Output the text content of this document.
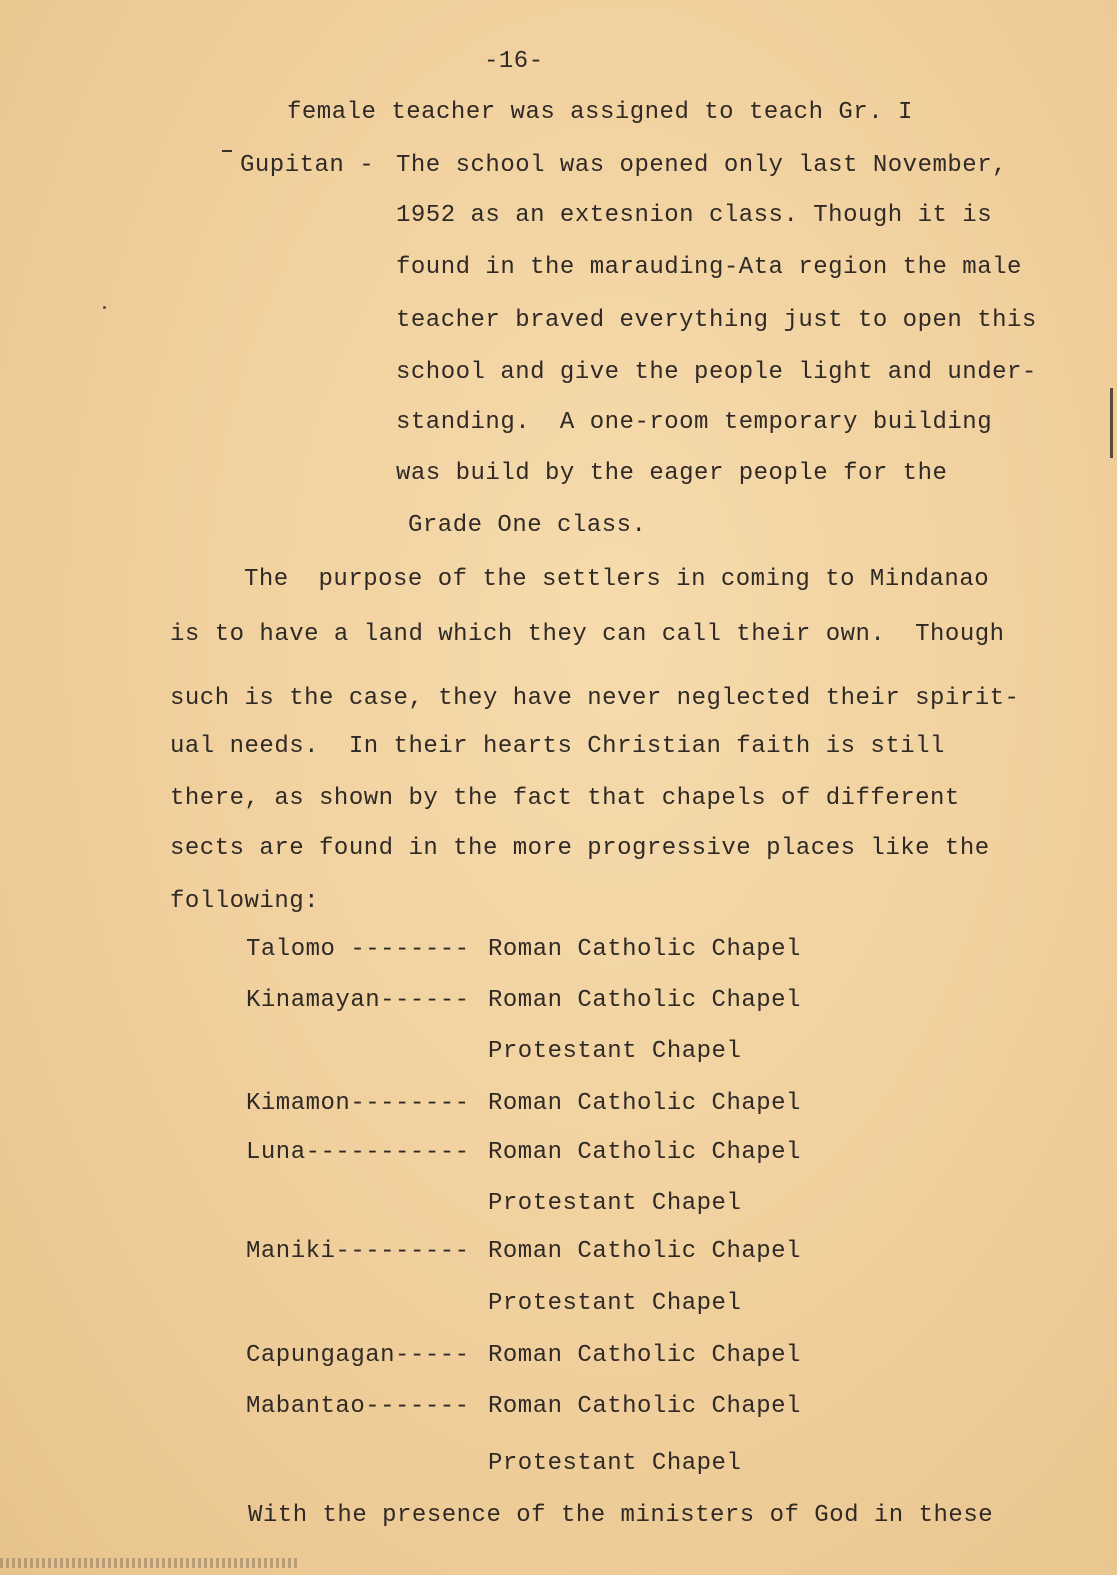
-16-
female teacher was assigned to teach Gr. I
Gupitan - The school was opened only last November,
1952 as an extesnion class. Though it is
found in the marauding-Ata region the male
teacher braved everything just to open this
school and give the people light and under-
standing.  A one-room temporary building
was build by the eager people for the
Grade One class.
The  purpose of the settlers in coming to Mindanao
is to have a land which they can call their own.  Though
such is the case, they have never neglected their spirit-
ual needs.  In their hearts Christian faith is still
there, as shown by the fact that chapels of different
sects are found in the more progressive places like the
following:
Talomo -------- Roman Catholic Chapel
Kinamayan------ Roman Catholic Chapel
Protestant Chapel
Kimamon-------- Roman Catholic Chapel
Luna----------- Roman Catholic Chapel
Protestant Chapel
Maniki--------- Roman Catholic Chapel
Protestant Chapel
Capungagan----- Roman Catholic Chapel
Mabantao------- Roman Catholic Chapel
Protestant Chapel
With the presence of the ministers of God in these
